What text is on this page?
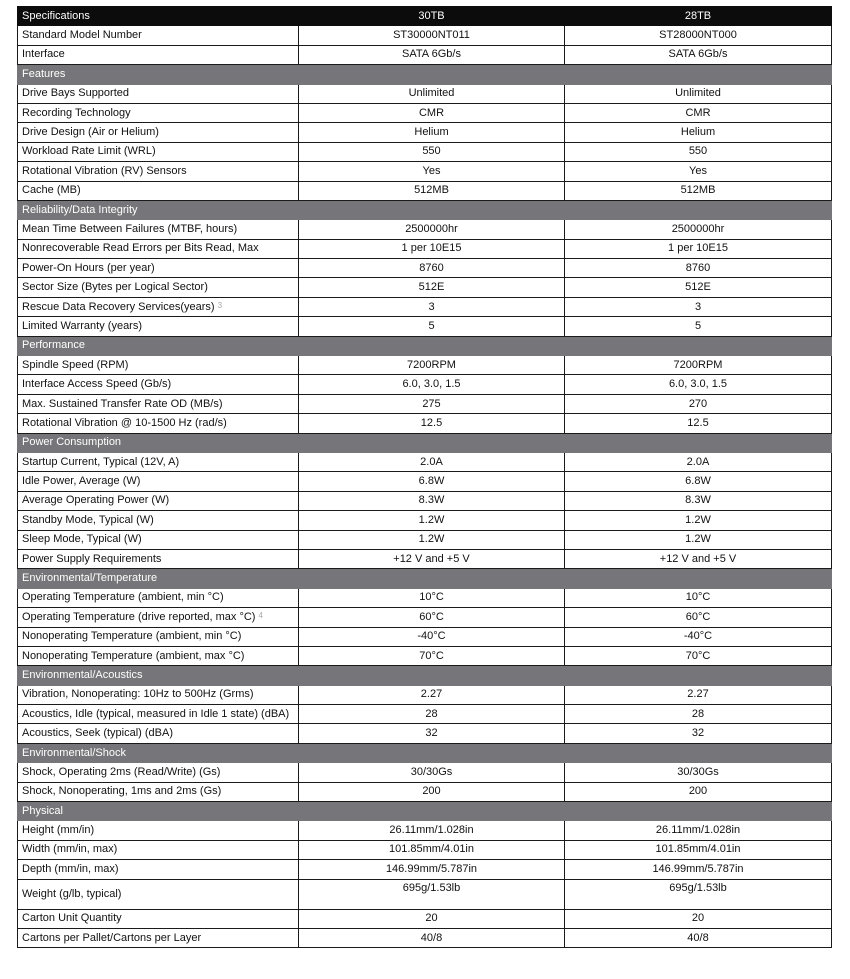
Specifications	30TB	28TB
Standard Model Number	ST30000NT011	ST28000NT000
Interface	SATA 6Gb/s	SATA 6Gb/s
Features		
Drive Bays Supported	Unlimited	Unlimited
Recording Technology	CMR	CMR
Drive Design (Air or Helium)	Helium	Helium
Workload Rate Limit (WRL)	550	550
Rotational Vibration (RV) Sensors	Yes	Yes
Cache (MB)	512MB	512MB
Reliability/Data Integrity		
Mean Time Between Failures (MTBF, hours)	2500000hr	2500000hr
Nonrecoverable Read Errors per Bits Read, Max	1 per 10E15	1 per 10E15
Power-On Hours (per year)	8760	8760
Sector Size (Bytes per Logical Sector)	512E	512E
Rescue Data Recovery Services(years) $^3$	3	3
Limited Warranty (years)	5	5
Performance		
Spindle Speed (RPM)	7200RPM	7200RPM
Interface Access Speed (Gb/s)	6.0, 3.0, 1.5	6.0, 3.0, 1.5
Max. Sustained Transfer Rate OD (MB/s)	275	270
Rotational Vibration @ 10-1500 Hz (rad/s)	12.5	12.5
Power Consumption		
Startup Current, Typical (12V, A)	2.0A	2.0A
Idle Power, Average (W)	6.8W	6.8W
Average Operating Power (W)	8.3W	8.3W
Standby Mode, Typical (W)	1.2W	1.2W
Sleep Mode, Typical (W)	1.2W	1.2W
Power Supply Requirements	+12 V and +5 V	+12 V and +5 V
Environmental/Temperature		
Operating Temperature (ambient, min °C)	10°C	10°C
Operating Temperature (drive reported, max °C) $^4$	60°C	60°C
Nonoperating Temperature (ambient, min °C)	-40°C	-40°C
Nonoperating Temperature (ambient, max °C)	70°C	70°C
Environmental/Acoustics		
Vibration, Nonoperating: 10Hz to 500Hz (Grms)	2.27	2.27
Acoustics, Idle (typical, measured in Idle 1 state) (dBA)	28	28
Acoustics, Seek (typical) (dBA)	32	32
Environmental/Shock		
Shock, Operating 2ms (Read/Write) (Gs)	30/30Gs	30/30Gs
Shock, Nonoperating, 1ms and 2ms (Gs)	200	200
Physical		
Height (mm/in)	26.11mm/1.028in	26.11mm/1.028in
Width (mm/in, max)	101.85mm/4.01in	101.85mm/4.01in
Depth (mm/in, max)	146.99mm/5.787in	146.99mm/5.787in
Weight (g/lb, typical)	695g/1.53lb	695g/1.53lb
Carton Unit Quantity	20	20
Cartons per Pallet/Cartons per Layer	40/8	40/8
